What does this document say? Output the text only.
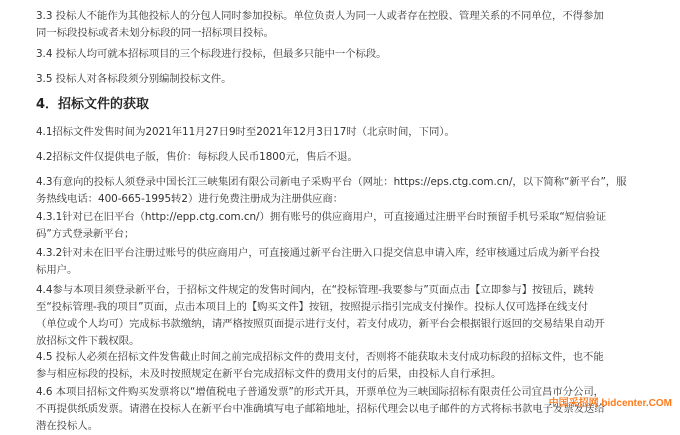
3.3 投标人不能作为其他投标人的分包人同时参加投标。单位负责人为同一人或者存在控股、管理关系的不同单位，不得参加
同一标段投标或者未划分标段的同一招标项目投标。
3.4 投标人均可就本招标项目的三个标段进行投标，但最多只能中一个标段。
3.5 投标人对各标段须分别编制投标文件。
4．招标文件的获取
4.1招标文件发售时间为2021年11月27日9时至2021年12月3日17时（北京时间，下同）。
4.2招标文件仅提供电子版，售价：每标段人民币1800元，售后不退。
4.3有意向的投标人须登录中国长江三峡集团有限公司新电子采购平台（网址：https://eps.ctg.com.cn/，以下简称“新平台”，服
务热线电话：400-665-1995转2）进行免费注册成为注册供应商：
4.3.1针对已在旧平台（http://epp.ctg.com.cn/）拥有账号的供应商用户，可直接通过注册平台时预留手机号采取“短信验证
码”方式登录新平台；
4.3.2针对未在旧平台注册过账号的供应商用户，可直接通过新平台注册入口提交信息申请入库，经审核通过后成为新平台投
标用户。
4.4参与本项目须登录新平台，于招标文件规定的发售时间内，在“投标管理-我要参与”页面点击【立即参与】按钮后，跳转
至“投标管理-我的项目”页面，点击本项目上的【购买文件】按钮，按照提示指引完成支付操作。投标人仅可选择在线支付
（单位或个人均可）完成标书款缴纳，请严格按照页面提示进行支付，若支付成功，新平台会根据银行返回的交易结果自动开
放招标文件下载权限。
4.5 投标人必须在招标文件发售截止时间之前完成招标文件的费用支付，否则将不能获取未支付成功标段的招标文件，也不能
参与相应标段的投标，未及时按照规定在新平台完成招标文件的费用支付的后果，由投标人自行承担。
4.6 本项目招标文件购买发票将以“增值税电子普通发票”的形式开具，开票单位为三峡国际招标有限责任公司宜昌市分公司，
不再提供纸质发票。请潜在投标人在新平台中准确填写电子邮箱地址，招标代理会以电子邮件的方式将标书款电子发票发送给
潜在投标人。
中国采招网 bidcenter.COM
